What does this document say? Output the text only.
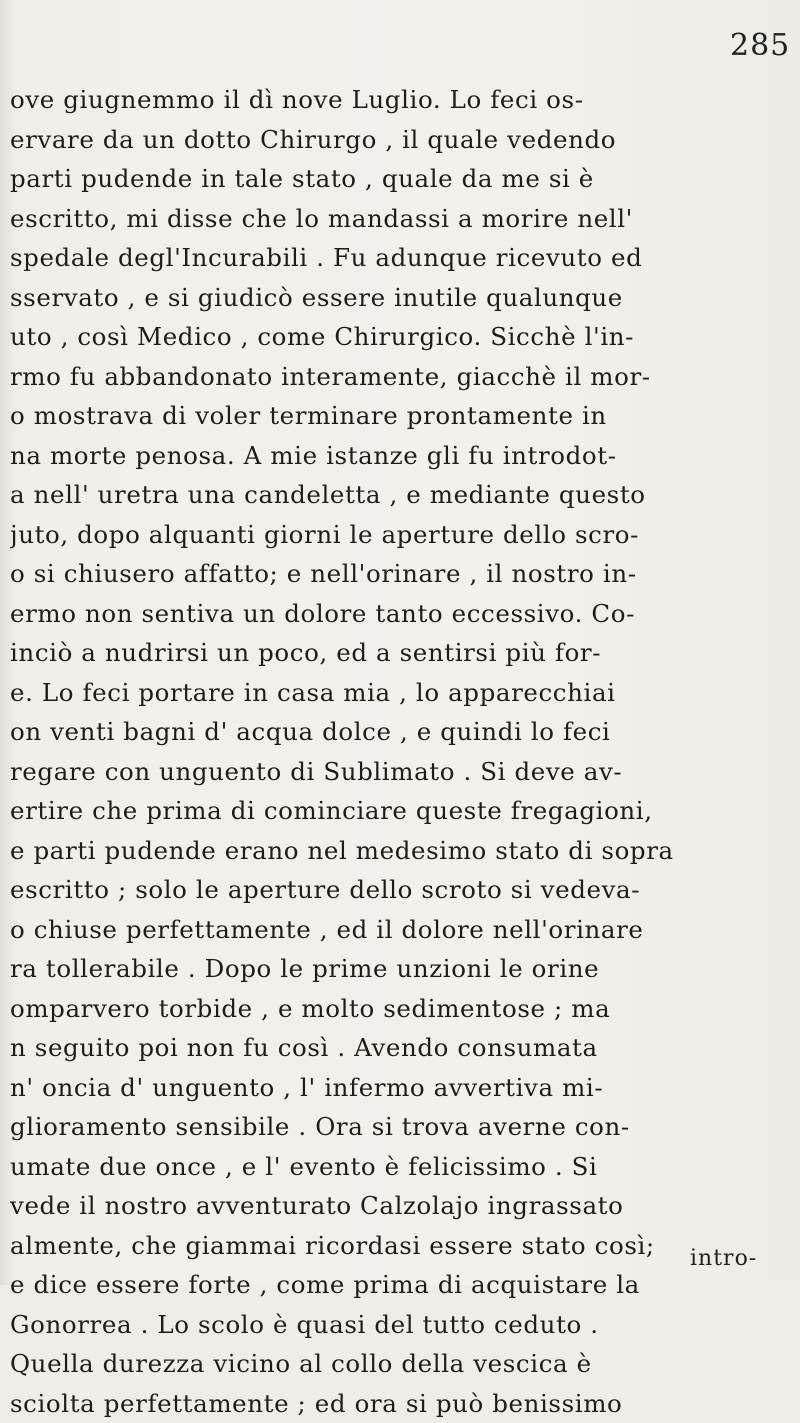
285
ove giugnemmo il dì nove Luglio. Lo feci os-
ervare da un dotto Chirurgo , il quale vedendo
parti pudende in tale stato , quale da me si è
escritto, mi disse che lo mandassi a morire nell'
spedale degl'Incurabili . Fu adunque ricevuto ed
sservato , e si giudicò essere inutile qualunque
uto , così Medico , come Chirurgico. Sicchè l'in-
rmo fu abbandonato interamente, giacchè il mor-
o mostrava di voler terminare prontamente in
na morte penosa. A mie istanze gli fu introdot-
a nell' uretra una candeletta , e mediante questo
juto, dopo alquanti giorni le aperture dello scro-
o si chiusero affatto; e nell'orinare , il nostro in-
ermo non sentiva un dolore tanto eccessivo. Co-
inciò a nudrirsi un poco, ed a sentirsi più for-
e. Lo feci portare in casa mia , lo apparecchiai
on venti bagni d' acqua dolce , e quindi lo feci
regare con unguento di Sublimato . Si deve av-
ertire che prima di cominciare queste fregagioni,
e parti pudende erano nel medesimo stato di sopra
escritto ; solo le aperture dello scroto si vedeva-
o chiuse perfettamente , ed il dolore nell'orinare
ra tollerabile . Dopo le prime unzioni le orine
omparvero torbide , e molto sedimentose ; ma
n seguito poi non fu così . Avendo consumata
n' oncia d' unguento , l' infermo avvertiva mi-
glioramento sensibile . Ora si trova averne con-
umate due once , e l' evento è felicissimo . Si
vede il nostro avventurato Calzolajo ingrassato
almente, che giammai ricordasi essere stato così;
e dice essere forte , come prima di acquistare la
Gonorrea . Lo scolo è quasi del tutto ceduto .
Quella durezza vicino al collo della vescica è
sciolta perfettamente ; ed ora si può benissimo
intro-
